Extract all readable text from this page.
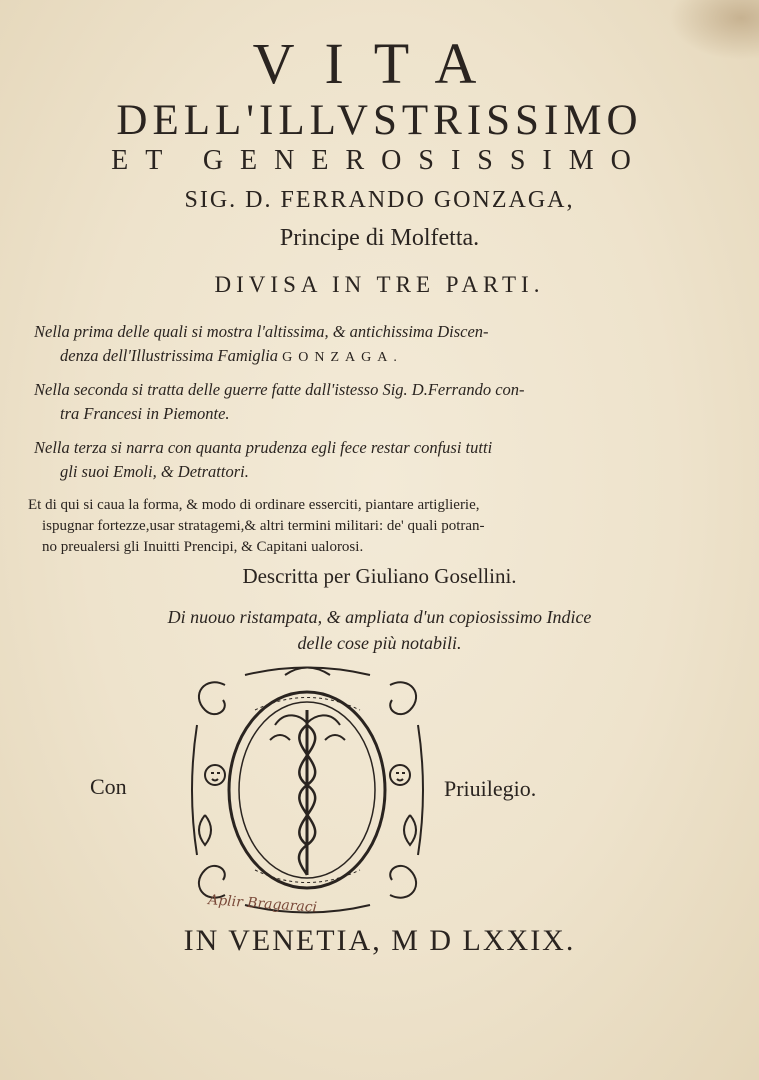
VITA
DELL'ILLVSTRISSIMO
ET GENEROSISSIMO
SIG. D. FERRANDO GONZAGA,
Principe di Molfetta.
DIVISA IN TRE PARTI.
Nella prima delle quali si mostra l'altissima, & antichissima Discen-
denza dell'Illustrissima Famiglia GONZAGA.
Nella seconda si tratta delle guerre fatte dall'istesso Sig. D.Ferrando con-
tra Francesi in Piemonte.
Nella terza si narra con quanta prudenza egli fece restar confusi tutti
gli suoi Emoli, & Detrattori.
Et di qui si caua la forma, & modo di ordinare esserciti, piantare artiglierie,
ispugnar fortezze,usar stratagemi,& altri termini militari: de' quali potran-
no preualersi gli Inuitti Prencipi, & Capitani ualorosi.
Descritta per Giuliano Gosellini.
Di nuouo ristampata, & ampliata d'un copiosissimo Indice
delle cose più notabili.
Con	Priuilegio.
Aplir Bragaraci
IN VENETIA, M D LXXIX.
